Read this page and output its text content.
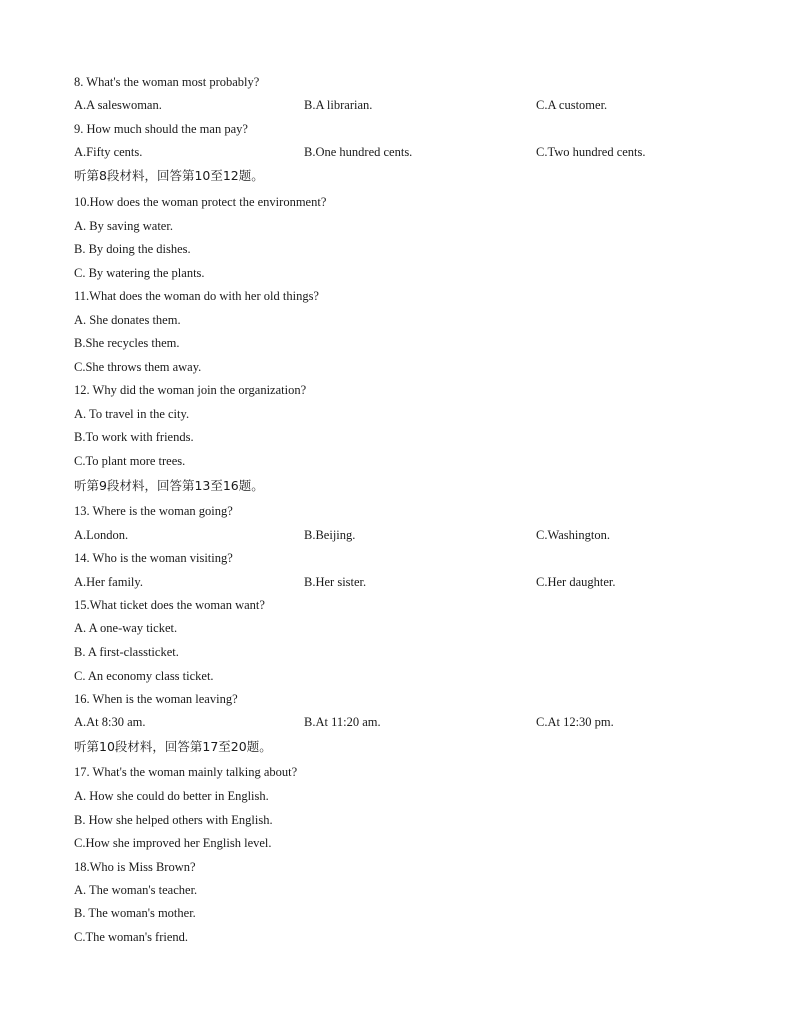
8. What's the woman most probably?
A.A saleswoman.	B.A librarian.	C.A customer.
9. How much should the man pay?
A.Fifty cents.	B.One hundred cents.	C.Two hundred cents.
听第8段材料，回答第10至12题。
10.How does the woman protect the environment?
A. By saving water.
B. By doing the dishes.
C. By watering the plants.
11.What does the woman do with her old things?
A. She donates them.
B.She recycles them.
C.She throws them away.
12. Why did the woman join the organization?
A. To travel in the city.
B.To work with friends.
C.To plant more trees.
听第9段材料，回答第13至16题。
13. Where is the woman going?
A.London.	B.Beijing.	C.Washington.
14. Who is the woman visiting?
A.Her family.	B.Her sister.	C.Her daughter.
15.What ticket does the woman want?
A. A one-way ticket.
B. A first-classticket.
C. An economy class ticket.
16. When is the woman leaving?
A.At 8:30 am.	B.At 11:20 am.	C.At 12:30 pm.
听第10段材料，回答第17至20题。
17. What's the woman mainly talking about?
A. How she could do better in English.
B. How she helped others with English.
C.How she improved her English level.
18.Who is Miss Brown?
A. The woman's teacher.
B. The woman's mother.
C.The woman's friend.
